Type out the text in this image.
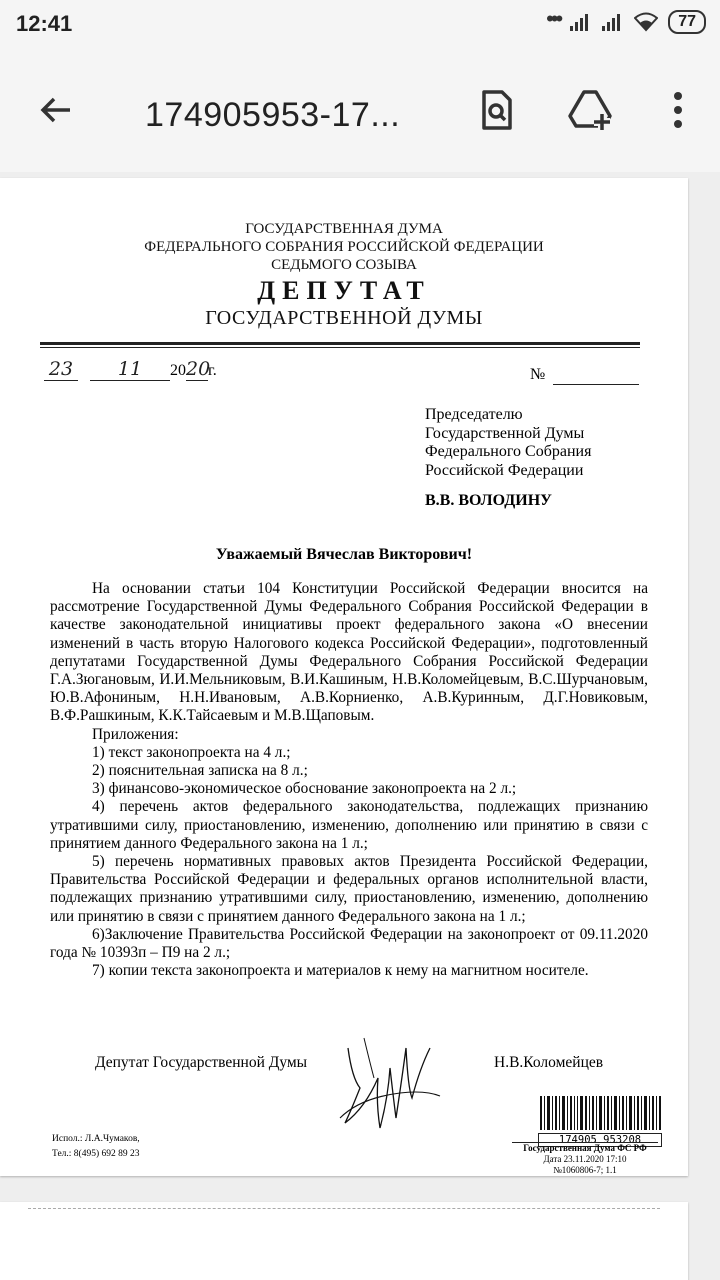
12:41	•••	77
174905953-17...
ГОСУДАРСТВЕННАЯ ДУМА
ФЕДЕРАЛЬНОГО СОБРАНИЯ РОССИЙСКОЙ ФЕДЕРАЦИИ
СЕДЬМОГО СОЗЫВА
ДЕПУТАТ
ГОСУДАРСТВЕННОЙ ДУМЫ
23 11 2020г.	№
Председателю
Государственной Думы
Федерального Собрания
Российской Федерации
В.В. ВОЛОДИНУ
Уважаемый Вячеслав Викторович!

На основании статьи 104 Конституции Российской Федерации вносится на рассмотрение Государственной Думы Федерального Собрания Российской Федерации в качестве законодательной инициативы проект федерального закона «О внесении изменений в часть вторую Налогового кодекса Российской Федерации», подготовленный депутатами Государственной Думы Федерального Собрания Российской Федерации Г.А.Зюгановым, И.И.Мельниковым, В.И.Кашиным, Н.В.Коломейцевым, В.С.Шурчановым, Ю.В.Афониным, Н.Н.Ивановым, А.В.Корниенко, А.В.Куринным, Д.Г.Новиковым, В.Ф.Рашкиным, К.К.Тайсаевым и М.В.Щаповым.

Приложения:

1) текст законопроекта на 4 л.;

2) пояснительная записка на 8 л.;

3) финансово-экономическое обоснование законопроекта на 2 л.;

4) перечень актов федерального законодательства, подлежащих признанию утратившими силу, приостановлению, изменению, дополнению или принятию в связи с принятием данного Федерального закона на 1 л.;

5) перечень нормативных правовых актов Президента Российской Федерации, Правительства Российской Федерации и федеральных органов исполнительной власти, подлежащих признанию утратившими силу, приостановлению, изменению, дополнению или принятию в связи с принятием данного Федерального закона на 1 л.;

6)Заключение Правительства Российской Федерации на законопроект от 09.11.2020 года № 10393п – П9 на 2 л.;

7) копии текста законопроекта и материалов к нему на магнитном носителе.

Депутат Государственной Думы	Н.В.Коломейцев
Испол.: Л.А.Чумаков,
Тел.: 8(495) 692 89 23
174905 953208
Государственная Дума ФС РФ
Дата 23.11.2020 17:10
№1060806-7; 1.1
